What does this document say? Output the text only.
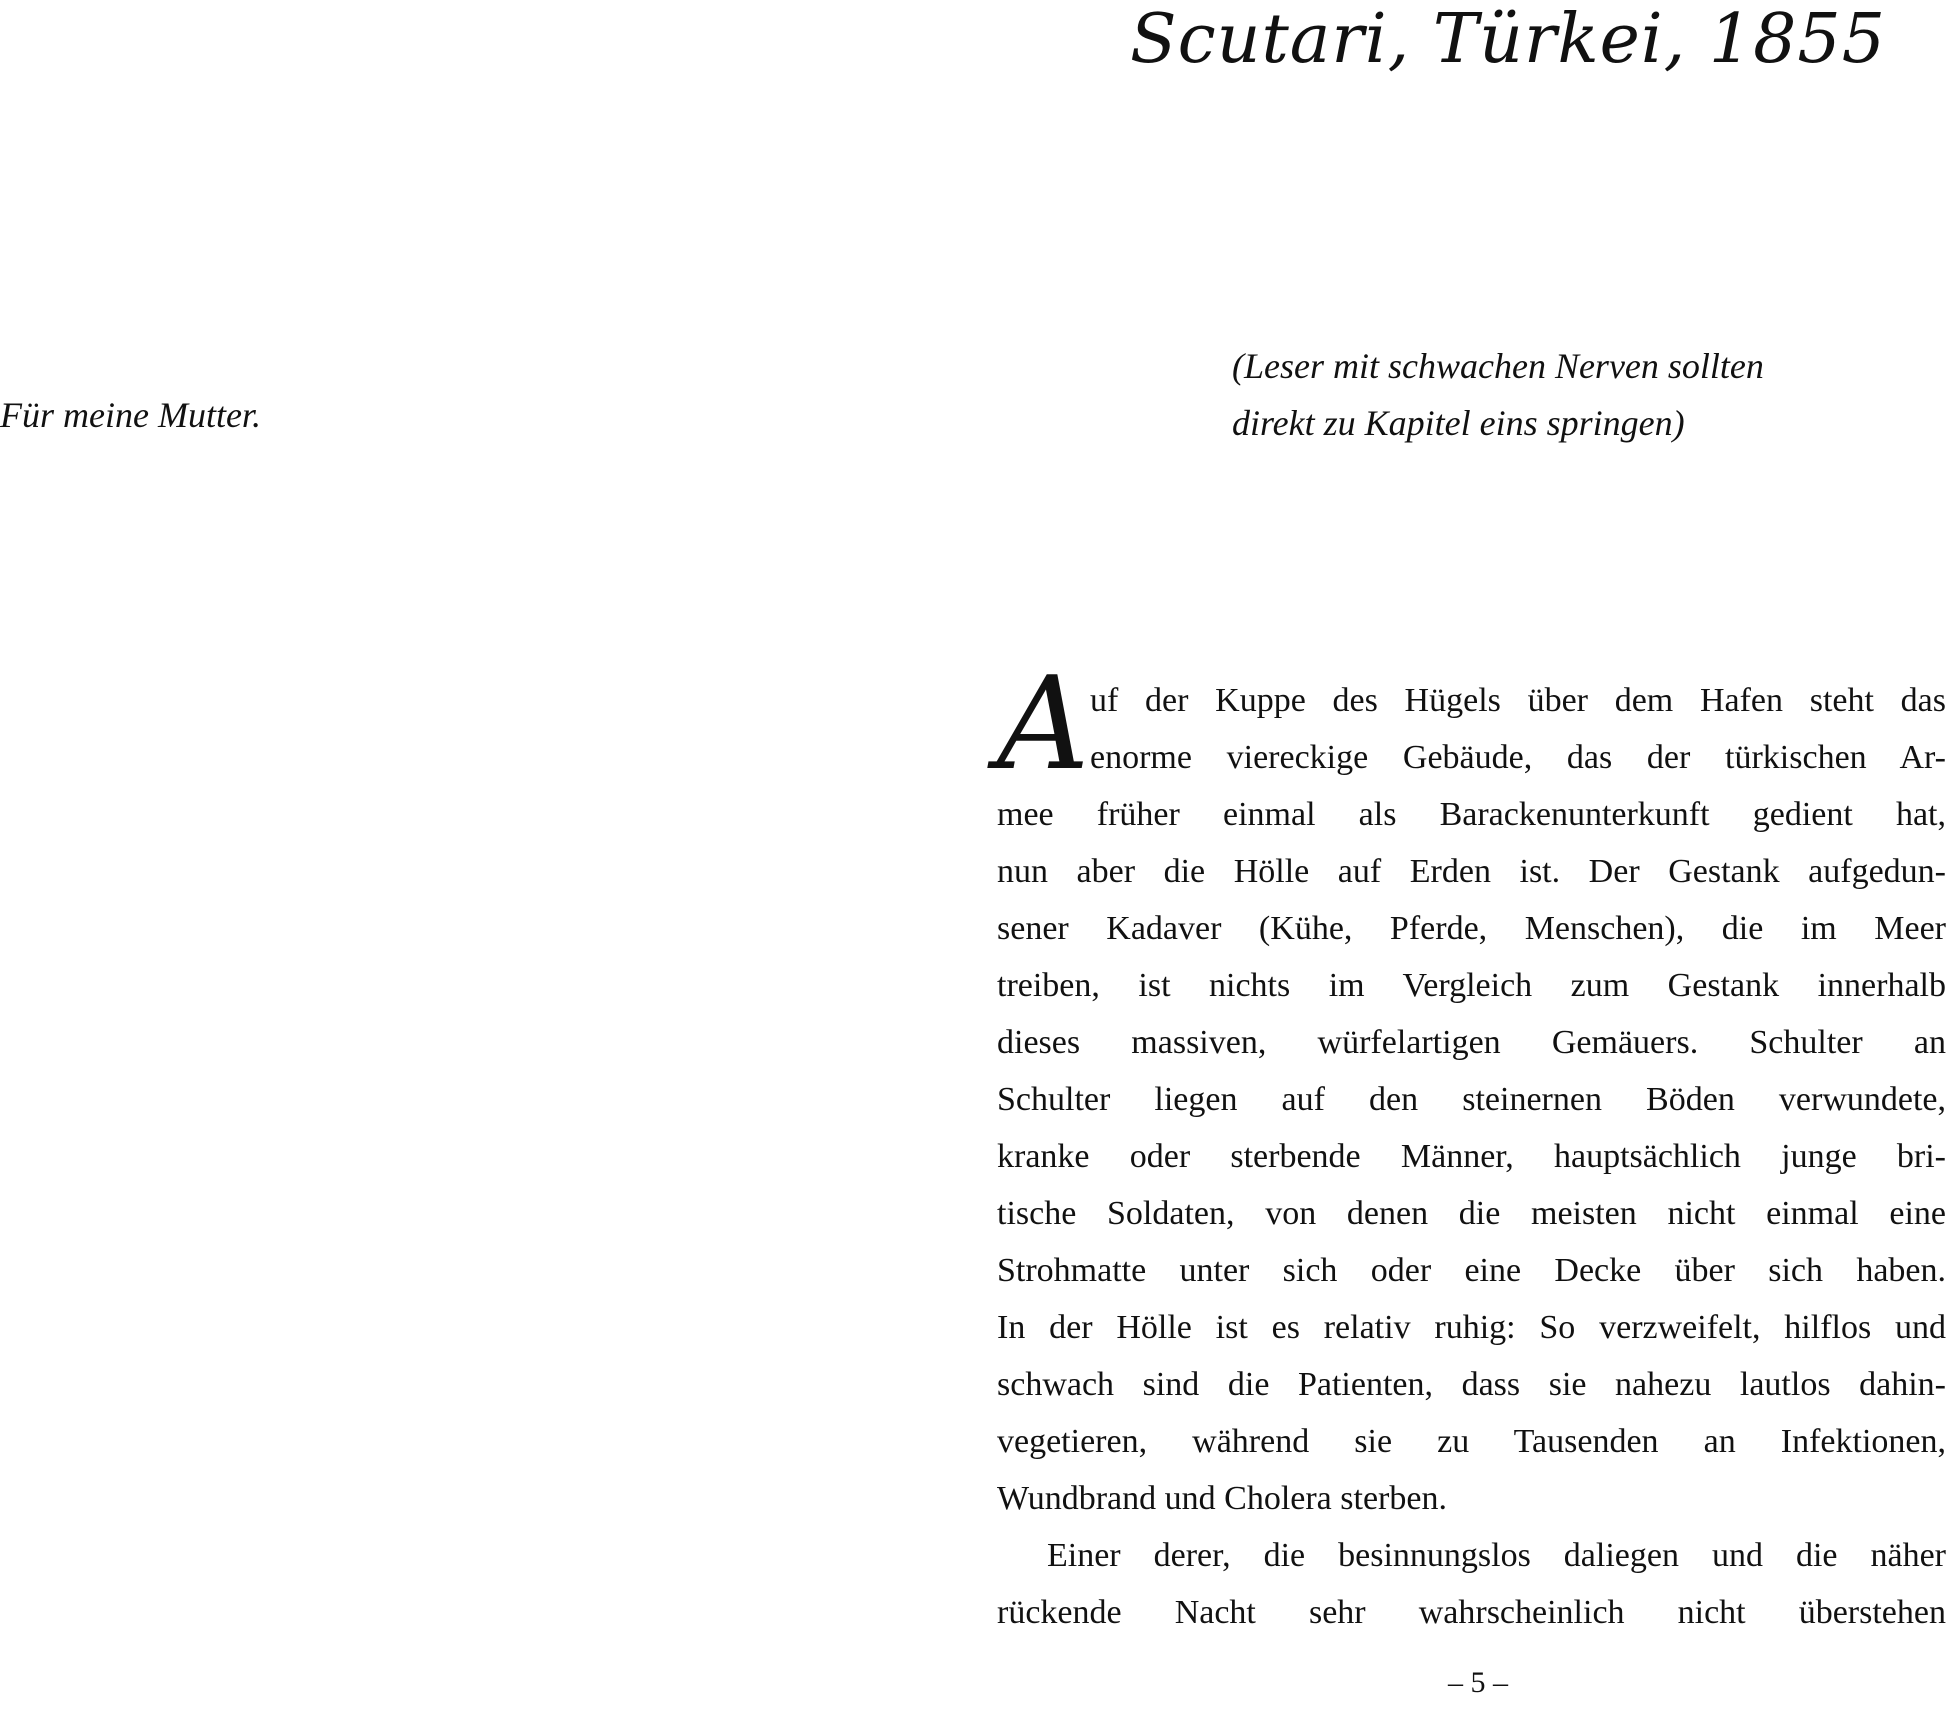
Scutari, Türkei, 1855
Für meine Mutter.
(Leser mit schwachen Nerven sollten
direkt zu Kapitel eins springen)
A uf der Kuppe des Hügels über dem Hafen steht das
enorme viereckige Gebäude, das der türkischen Ar-
mee früher einmal als Barackenunterkunft gedient hat,
nun aber die Hölle auf Erden ist. Der Gestank aufgedun-
sener Kadaver (Kühe, Pferde, Menschen), die im Meer
treiben, ist nichts im Vergleich zum Gestank innerhalb
dieses massiven, würfelartigen Gemäuers. Schulter an
Schulter liegen auf den steinernen Böden verwundete,
kranke oder sterbende Männer, hauptsächlich junge bri-
tische Soldaten, von denen die meisten nicht einmal eine
Strohmatte unter sich oder eine Decke über sich haben.
In der Hölle ist es relativ ruhig: So verzweifelt, hilflos und
schwach sind die Patienten, dass sie nahezu lautlos dahin-
vegetieren, während sie zu Tausenden an Infektionen,
Wundbrand und Cholera sterben.
Einer derer, die besinnungslos daliegen und die näher
rückende Nacht sehr wahrscheinlich nicht überstehen
– 5 –
